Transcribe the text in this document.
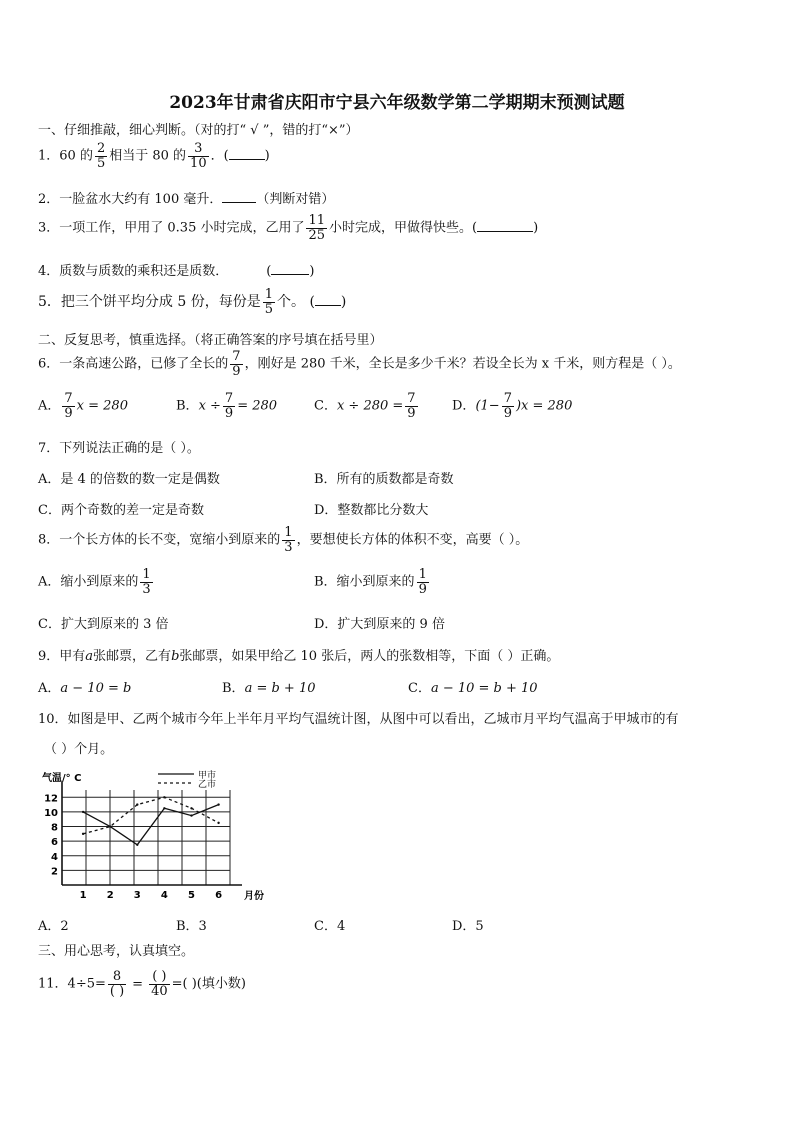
2023年甘肃省庆阳市宁县六年级数学第二学期期末预测试题
一、仔细推敲，细心判断。（对的打“ √ ”，错的打“×”）
1．60 的 $\frac{2}{5}$ 相当于 80 的 $\frac{3}{10}$ ．(	)
2．一脸盆水大约有 100 毫升．	（判断对错）
3．一项工作，甲用了 0.35 小时完成，乙用了 $\frac{11}{25}$ 小时完成，甲做得快些。(	)
4．质数与质数的乘积还是质数．	(	)
5．把三个饼平均分成 5 份，每份是 $\frac{1}{5}$ 个。 ( )
二、反复思考，慎重选择。（将正确答案的序号填在括号里）
6．一条高速公路，已修了全长的 $\frac{7}{9}$ ，刚好是 280 千米，全长是多少千米？若设全长为 x 千米，则方程是（ ）。
A． $\frac{7}{9}$ x = 280	B．$x \div \frac{7}{9} = 280$	C．$x \div 280 = \frac{7}{9}$	D．$(1- \frac{7}{9} )x = 280$
7．下列说法正确的是（ ）。
A．是 4 的倍数的数一定是偶数	B．所有的质数都是奇数
C．两个奇数的差一定是奇数	D．整数都比分数大
8．一个长方体的长不变，宽缩小到原来的 $\frac{1}{3}$ ，要想使长方体的体积不变，高要（ ）。
A．缩小到原来的 $\frac{1}{3}$	B．缩小到原来的 $\frac{1}{9}$
C．扩大到原来的 3 倍	D．扩大到原来的 9 倍
9．甲有a张邮票，乙有b张邮票，如果甲给乙 10 张后，两人的张数相等，下面（ ）正确。
A．a − 10 = b	B．a = b + 10	C．a − 10 = b + 10
10．如图是甲、乙两个城市今年上半年月平均气温统计图，从图中可以看出，乙城市月平均气温高于甲城市的有
（ ）个月。
2
4
6
8
10
12
1 2 3 4 5 6
气温/° C
月份
甲市
乙市
A．2	B．3	C．4	D．5
三、用心思考，认真填空。
11．$4\div 5= \frac{8}{( )} = \frac{( )}{40}$ =( )(填小数)
